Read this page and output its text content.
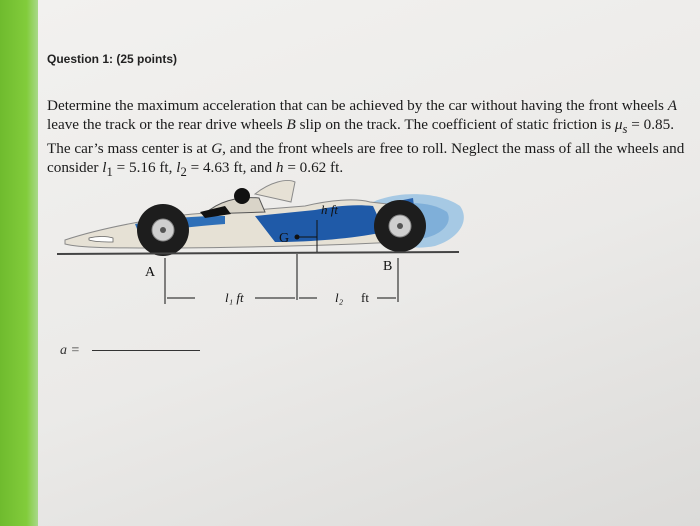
Question 1: (25 points)

Determine the maximum acceleration that can be achieved by the car without having the front wheels A leave the track or the rear drive wheels B slip on the track. The coefficient of static friction is $\mu_s = 0.85$. The car’s mass center is at G, and the front wheels are free to roll. Neglect the mass of all the wheels and consider $l_1 = 5.16$ ft, $l_2 = 4.63$ ft, and h = 0.62 ft.

G
h ft
A	B
l₁ ft	l₂ ft
a =
